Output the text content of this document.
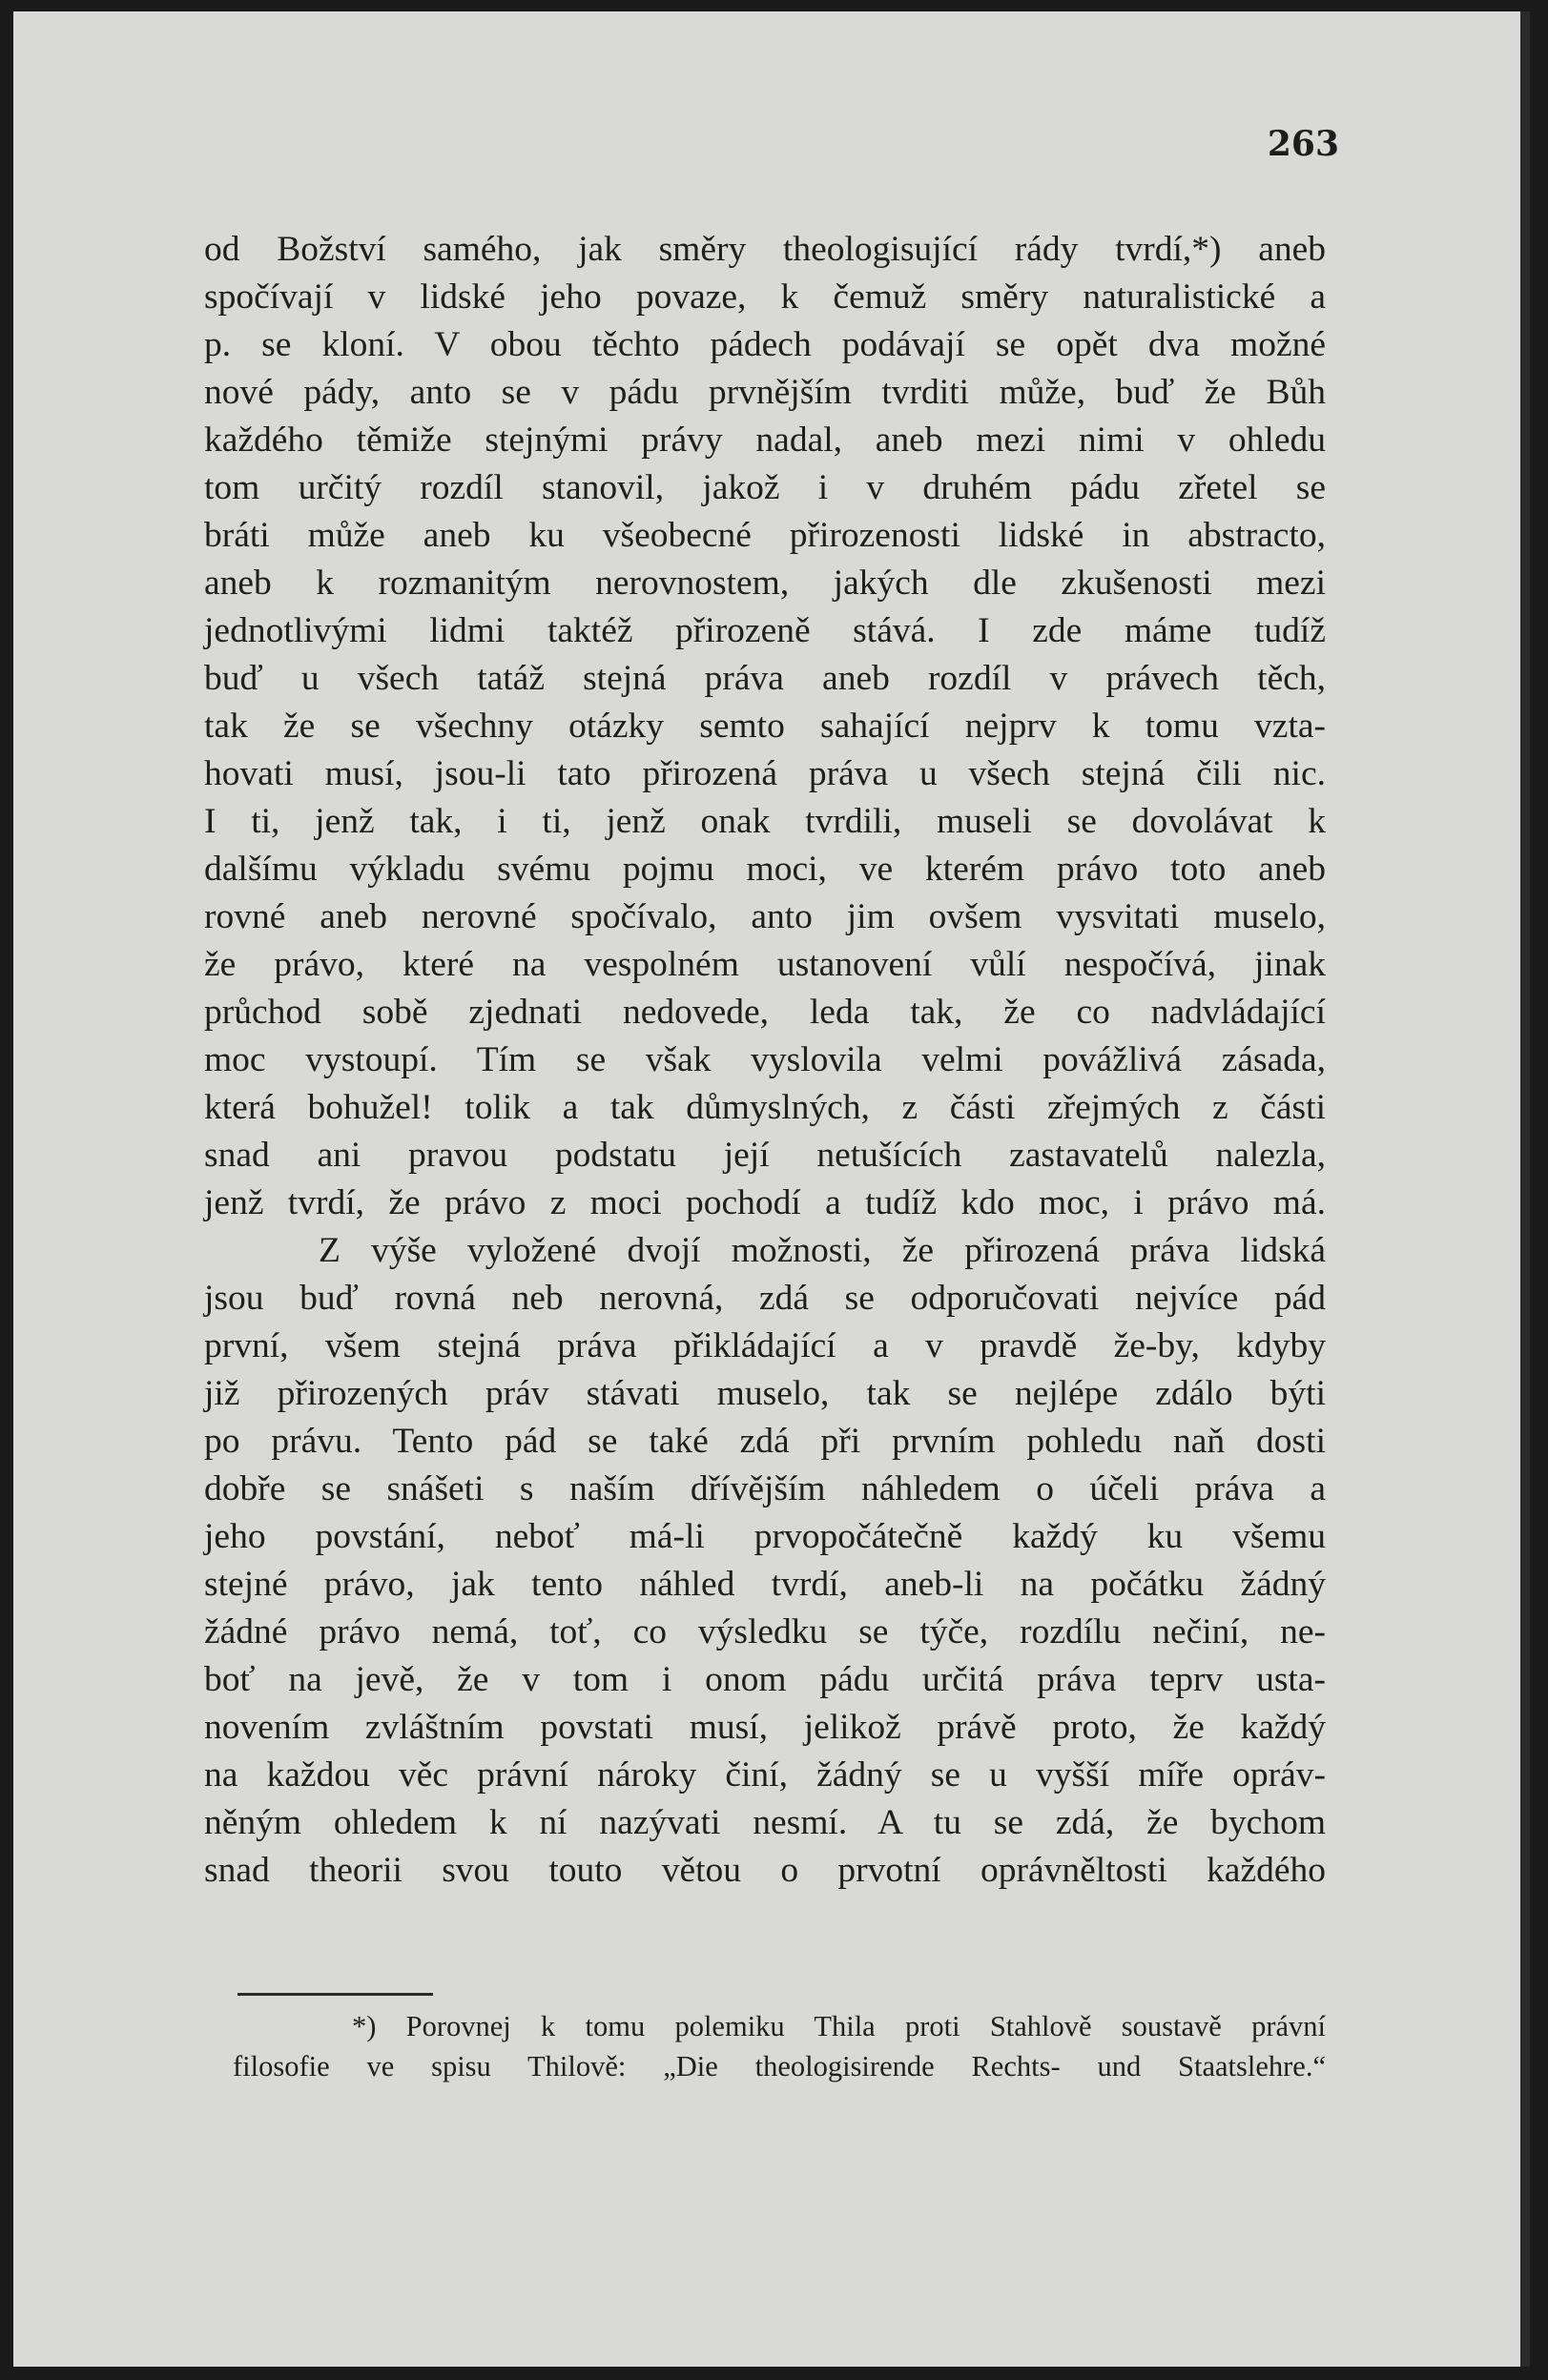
263
od Božství samého, jak směry theologisující rády tvrdí,*) aneb
spočívají v lidské jeho povaze, k čemuž směry naturalistické a
p. se kloní. V obou těchto pádech podávají se opět dva možné
nové pády, anto se v pádu prvnějším tvrditi může, buď že Bůh
každého těmiže stejnými právy nadal, aneb mezi nimi v ohledu
tom určitý rozdíl stanovil, jakož i v druhém pádu zřetel se
bráti může aneb ku všeobecné přirozenosti lidské in abstracto,
aneb k rozmanitým nerovnostem, jakých dle zkušenosti mezi
jednotlivými lidmi taktéž přirozeně stává. I zde máme tudíž
buď u všech tatáž stejná práva aneb rozdíl v právech těch,
tak že se všechny otázky semto sahající nejprv k tomu vzta-
hovati musí, jsou-li tato přirozená práva u všech stejná čili nic.
I ti, jenž tak, i ti, jenž onak tvrdili, museli se dovolávat k
dalšímu výkladu svému pojmu moci, ve kterém právo toto aneb
rovné aneb nerovné spočívalo, anto jim ovšem vysvitati muselo,
že právo, které na vespolném ustanovení vůlí nespočívá, jinak
průchod sobě zjednati nedovede, leda tak, že co nadvládající
moc vystoupí. Tím se však vyslovila velmi povážlivá zásada,
která bohužel! tolik a tak důmyslných, z části zřejmých z části
snad ani pravou podstatu její netušících zastavatelů nalezla,
jenž tvrdí, že právo z moci pochodí a tudíž kdo moc, i právo má.
Z výše vyložené dvojí možnosti, že přirozená práva lidská
jsou buď rovná neb nerovná, zdá se odporučovati nejvíce pád
první, všem stejná práva přikládající a v pravdě že-by, kdyby
již přirozených práv stávati muselo, tak se nejlépe zdálo býti
po právu. Tento pád se také zdá při prvním pohledu naň dosti
dobře se snášeti s naším dřívějším náhledem o účeli práva a
jeho povstání, neboť má-li prvopočátečně každý ku všemu
stejné právo, jak tento náhled tvrdí, aneb-li na počátku žádný
žádné právo nemá, toť, co výsledku se týče, rozdílu nečiní, ne-
boť na jevě, že v tom i onom pádu určitá práva teprv usta-
novením zvláštním povstati musí, jelikož právě proto, že každý
na každou věc právní nároky činí, žádný se u vyšší míře opráv-
něným ohledem k ní nazývati nesmí. A tu se zdá, že bychom
snad theorii svou touto větou o prvotní oprávněltosti každého
*) Porovnej k tomu polemiku Thila proti Stahlově soustavě právní
filosofie ve spisu Thilově: „Die theologisirende Rechts- und Staatslehre.“
